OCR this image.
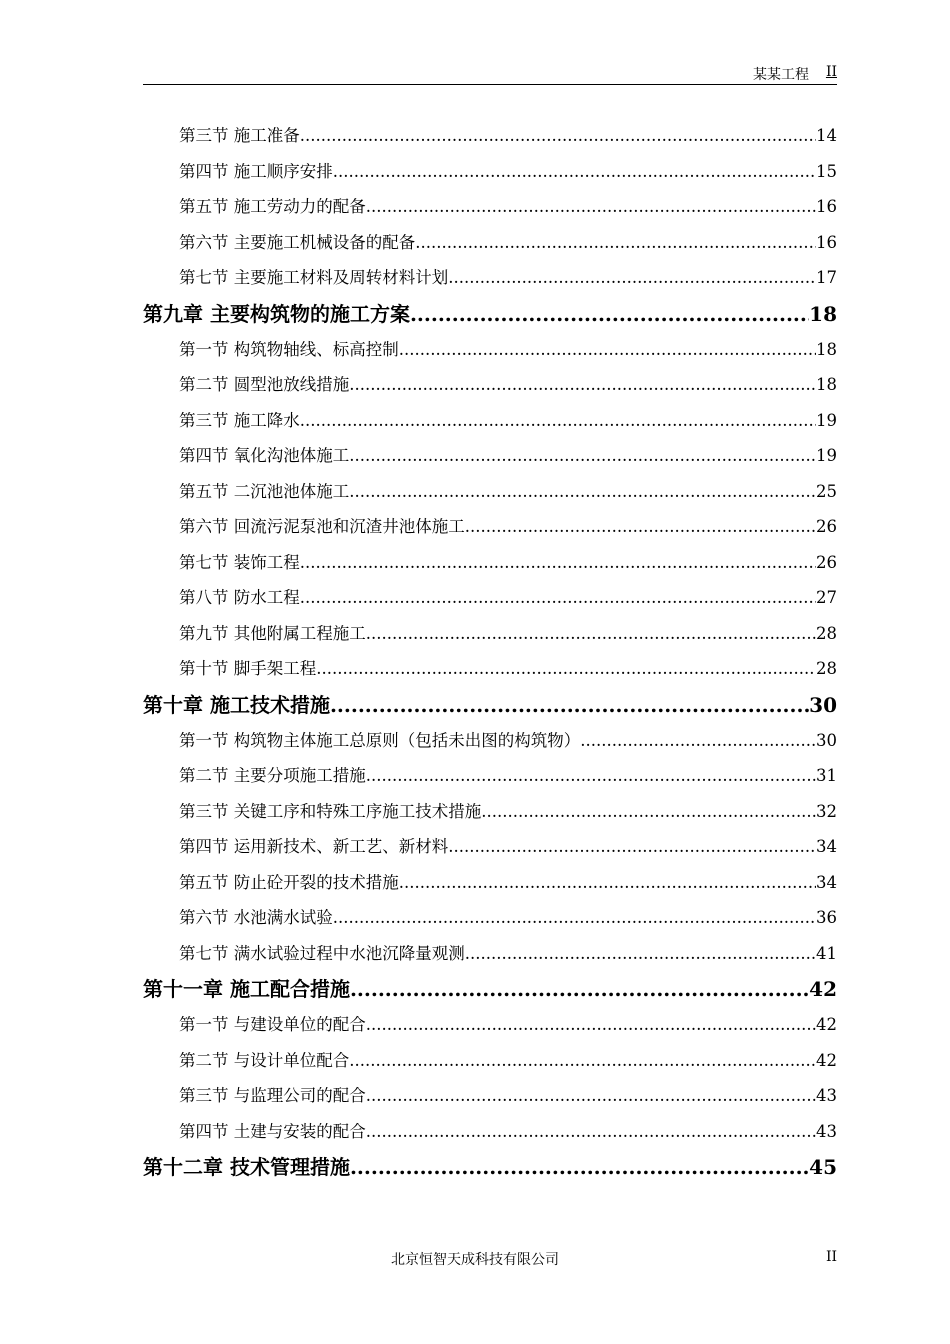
某某工程 II
第三节 施工准备 .....	14
第四节 施工顺序安排 .....	15
第五节 施工劳动力的配备 .....	16
第六节 主要施工机械设备的配备 .....	16
第七节 主要施工材料及周转材料计划 .....	17
第九章 主要构筑物的施工方案 .....	18
第一节 构筑物轴线、标高控制 .....	18
第二节 圆型池放线措施 .....	18
第三节 施工降水 .....	19
第四节 氧化沟池体施工 .....	19
第五节 二沉池池体施工 .....	25
第六节 回流污泥泵池和沉渣井池体施工 .....	26
第七节 装饰工程 .....	26
第八节 防水工程 .....	27
第九节 其他附属工程施工 .....	28
第十节 脚手架工程 .....	28
第十章 施工技术措施 .....	30
第一节 构筑物主体施工总原则（包括未出图的构筑物） .....	30
第二节 主要分项施工措施 .....	31
第三节 关键工序和特殊工序施工技术措施 .....	32
第四节 运用新技术、新工艺、新材料 .....	34
第五节 防止砼开裂的技术措施 .....	34
第六节 水池满水试验 .....	36
第七节 满水试验过程中水池沉降量观测 .....	41
第十一章 施工配合措施 .....	42
第一节 与建设单位的配合 .....	42
第二节 与设计单位配合 .....	42
第三节 与监理公司的配合 .....	43
第四节 土建与安装的配合 .....	43
第十二章 技术管理措施 .....	45
北京恒智天成科技有限公司	II
